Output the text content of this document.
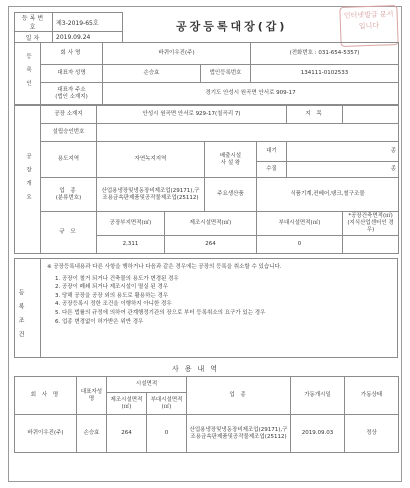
등록번호	제3-2019-65호
일자	2019.09.24
공장등록대장(갑)
인터넷발급 문서입니다
등록인	회사명	바퀴이우진(주)		(전화번호 : 031-654-5357)
	대표자 성명	손승효	법인등록번호	134111-0102533

	대표자 주소
(법인 소재지)	경기도 안성시 원곡면 안서로 909-17		
공장개요	공장 소재지	안성시 원곡면 안서로 929-17(칠곡리 7)				지 목	
	설립승인번호						
	용도지역	자연녹지지역		배출시설
사 설 왕	대기	종	
					수질	종	

	업 종
(분류번호)	산업용냉장및냉동장비제조업(29171),구조용금속판제품및공작물제조업(25112)		주요생산품	식품기계,컨베어,탱크,철구조물		
	규 모	공장부지면적(㎡)	제조시설면적(㎡)		부대시설면적(㎡)		*공장건축면적(㎡)
(지식산업센터인 경우)

		2,311	264		0		
등록조건

※ 공장등록내용과 다른 사항을 행하거나 다음과 같은 경우에는 공장의 등록을 취소할 수 있습니다.

1. 공장이 철거 되거나 건축물의 용도가 변경된 경우

2. 공장이 폐쇄 되거나 제조시설이 멸실 된 경우

3. 당해 공장을 공장 외의 용도로 활용하는 경우

4. 공장등록시 정한 조건을 이행하지 아니한 경우

5. 다른 법률의 규정에 의하여 관계행정기관의 장으로 부터 등록취소의 요구가 있는 경우

6. 업종 변경없이 허가받은 위반 경우

사용내역
회 사 명	대표자성명	시설면적		업 종	가동개시일	가동상태
		제조시설면적(㎡)	부대시설면적(㎡)			
바퀴이우진(주)	손승효	264	0	산업용냉장및냉동장비제조업(29171),구조용금속판제품및공작물제조업(25112)	2019.09.03	정상
